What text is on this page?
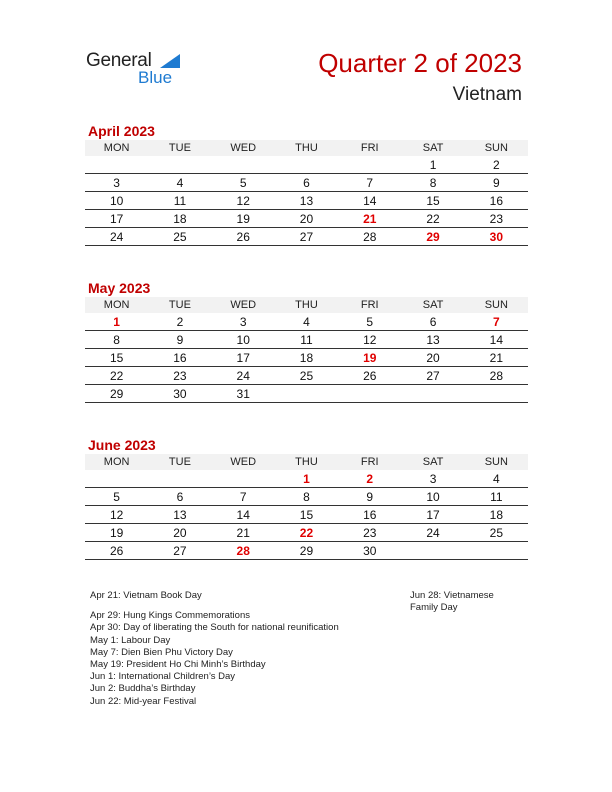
General
Blue	Quarter 2 of 2023
Vietnam
April 2023
MON	TUE	WED	THU	FRI	SAT	SUN
					1	2
3	4	5	6	7	8	9
10	11	12	13	14	15	16
17	18	19	20	21	22	23
24	25	26	27	28	29	30
May 2023
MON	TUE	WED	THU	FRI	SAT	SUN
1	2	3	4	5	6	7
8	9	10	11	12	13	14
15	16	17	18	19	20	21
22	23	24	25	26	27	28
29	30	31				
June 2023
MON	TUE	WED	THU	FRI	SAT	SUN
			1	2	3	4
5	6	7	8	9	10	11
12	13	14	15	16	17	18
19	20	21	22	23	24	25
26	27	28	29	30		
Apr 21: Vietnam Book Day
Apr 29: Hung Kings Commemorations
Apr 30: Day of liberating the South for national reunification
May 1: Labour Day
May 7: Dien Bien Phu Victory Day
May 19: President Ho Chi Minh’s Birthday
Jun 1: International Children’s Day
Jun 2: Buddha’s Birthday
Jun 22: Mid-year Festival
Jun 28: Vietnamese
Family Day
